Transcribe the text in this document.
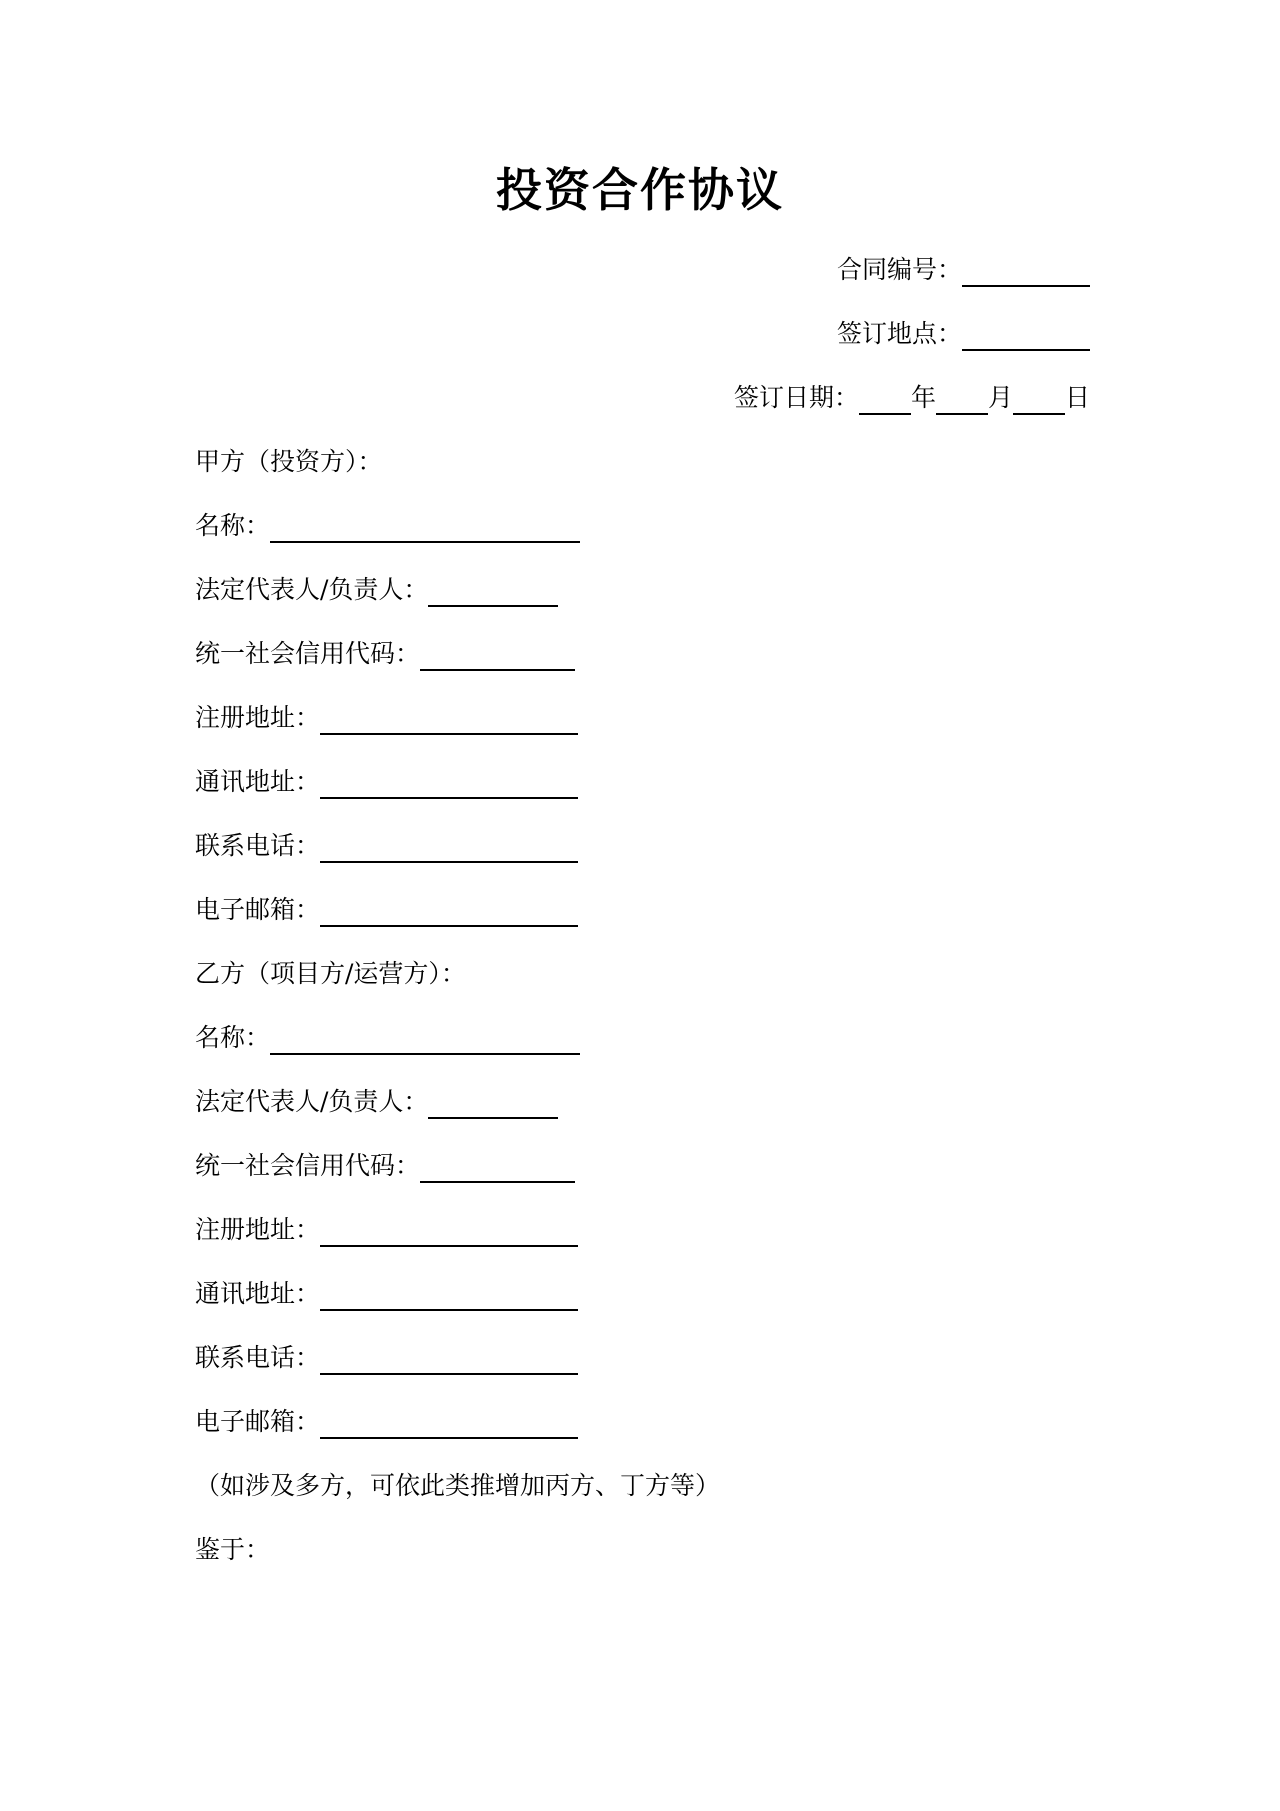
投资合作协议
合同编号：
签订地点：
签订日期： 年 月 日
甲方（投资方）：
名称：
法定代表人/负责人：
统一社会信用代码：
注册地址：
通讯地址：
联系电话：
电子邮箱：
乙方（项目方/运营方）：
名称：
法定代表人/负责人：
统一社会信用代码：
注册地址：
通讯地址：
联系电话：
电子邮箱：
（如涉及多方，可依此类推增加丙方、丁方等）
鉴于：
